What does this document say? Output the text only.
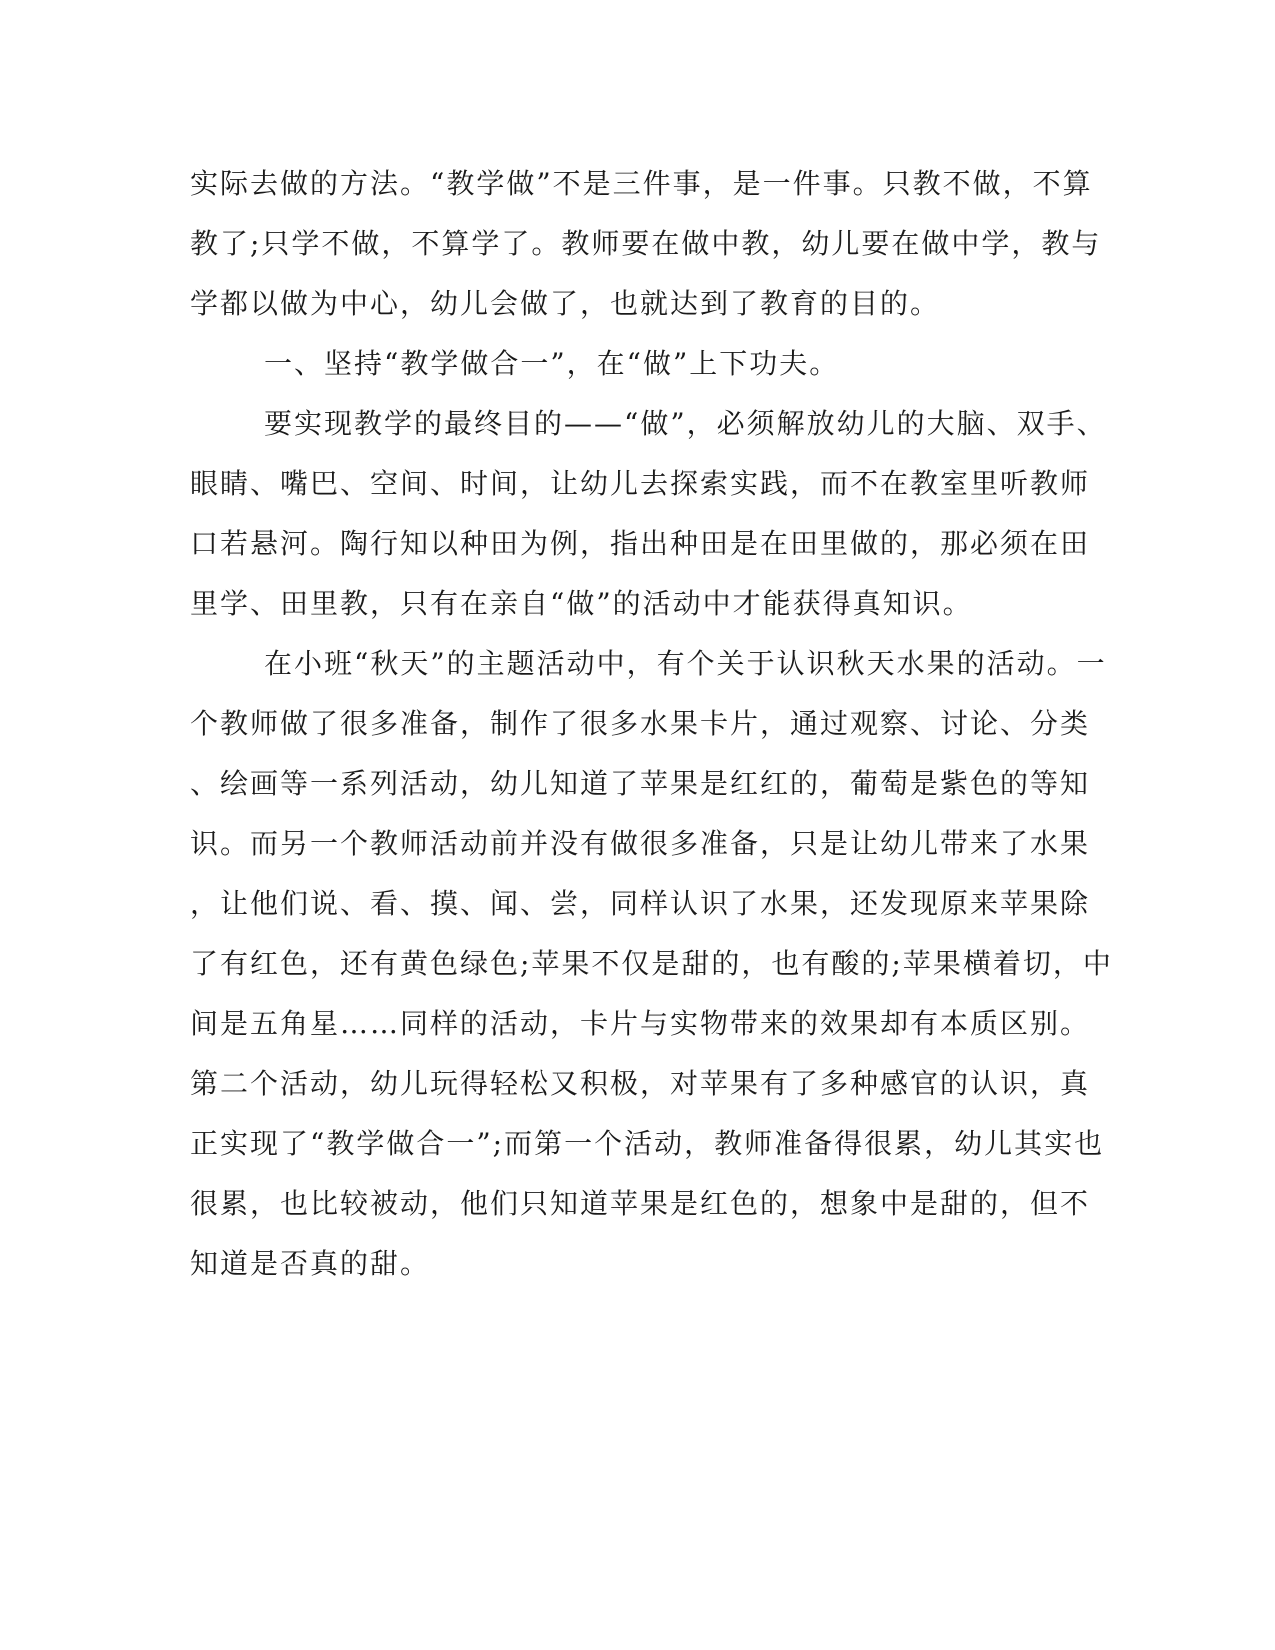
实际去做的方法。“教学做”不是三件事，是一件事。只教不做，不算
教了;只学不做，不算学了。教师要在做中教，幼儿要在做中学，教与
学都以做为中心，幼儿会做了，也就达到了教育的目的。
一、坚持“教学做合一”，在“做”上下功夫。
要实现教学的最终目的——“做”，必须解放幼儿的大脑、双手、
眼睛、嘴巴、空间、时间，让幼儿去探索实践，而不在教室里听教师
口若悬河。陶行知以种田为例，指出种田是在田里做的，那必须在田
里学、田里教，只有在亲自“做”的活动中才能获得真知识。
在小班“秋天”的主题活动中，有个关于认识秋天水果的活动。一
个教师做了很多准备，制作了很多水果卡片，通过观察、讨论、分类
、绘画等一系列活动，幼儿知道了苹果是红红的，葡萄是紫色的等知
识。而另一个教师活动前并没有做很多准备，只是让幼儿带来了水果
，让他们说、看、摸、闻、尝，同样认识了水果，还发现原来苹果除
了有红色，还有黄色绿色;苹果不仅是甜的，也有酸的;苹果横着切，中
间是五角星……同样的活动，卡片与实物带来的效果却有本质区别。
第二个活动，幼儿玩得轻松又积极，对苹果有了多种感官的认识，真
正实现了“教学做合一”;而第一个活动，教师准备得很累，幼儿其实也
很累，也比较被动，他们只知道苹果是红色的，想象中是甜的，但不
知道是否真的甜。
